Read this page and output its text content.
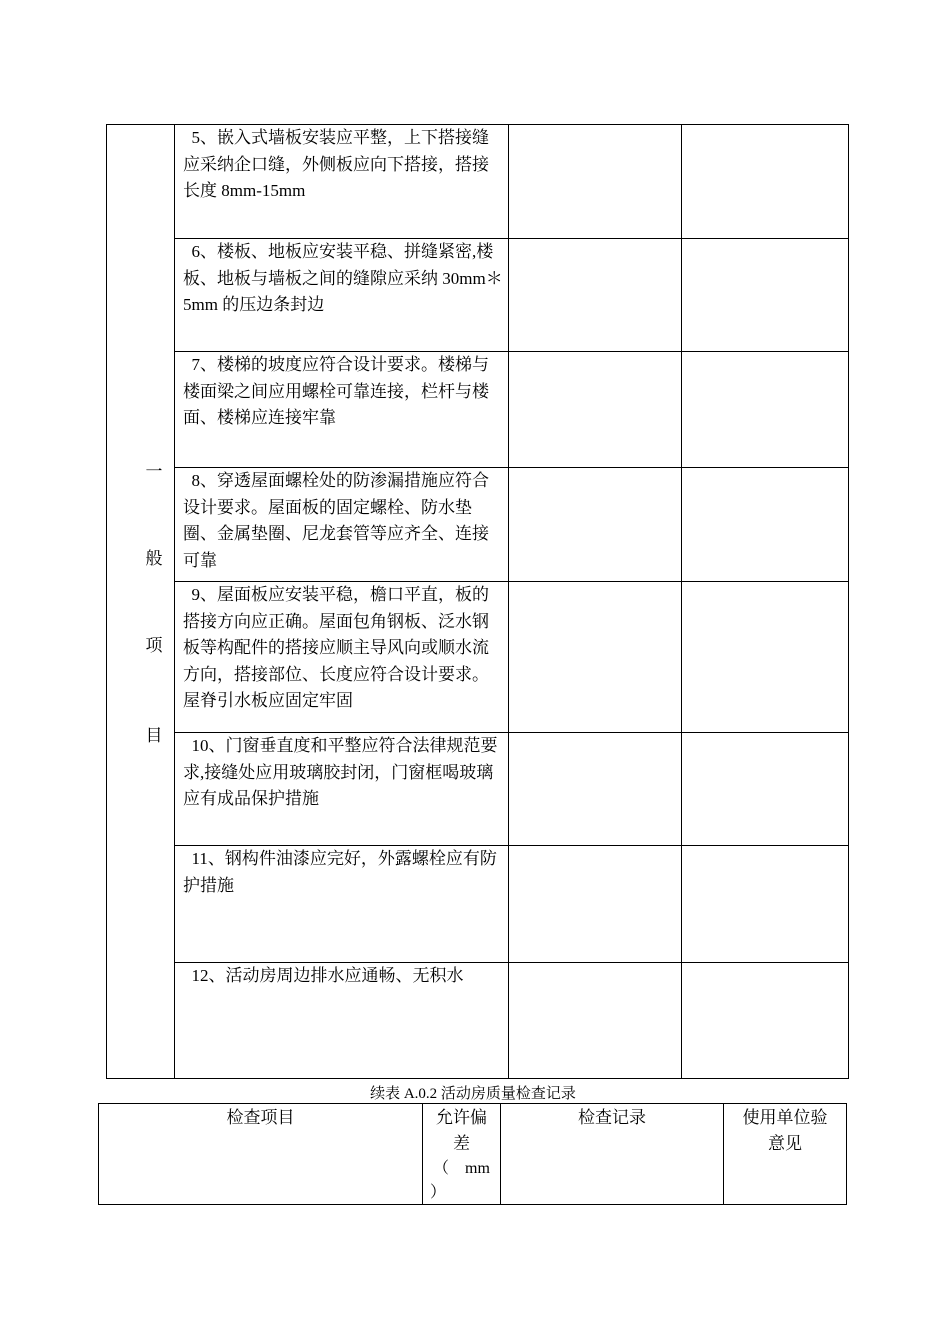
一
般
项
目
5、嵌入式墙板安装应平整，上下搭接缝应采纳企口缝，外侧板应向下搭接，搭接长度 8mm-15mm
6、楼板、地板应安装平稳、拼缝紧密,楼板、地板与墙板之间的缝隙应采纳 30mm＊5mm 的压边条封边
7、楼梯的坡度应符合设计要求。楼梯与楼面梁之间应用螺栓可靠连接，栏杆与楼面、楼梯应连接牢靠
8、穿透屋面螺栓处的防渗漏措施应符合设计要求。屋面板的固定螺栓、防水垫圈、金属垫圈、尼龙套管等应齐全、连接可靠
9、屋面板应安装平稳，檐口平直，板的搭接方向应正确。屋面包角钢板、泛水钢板等构配件的搭接应顺主导风向或顺水流方向，搭接部位、长度应符合设计要求。屋脊引水板应固定牢固
10、门窗垂直度和平整应符合法律规范要求,接缝处应用玻璃胶封闭，门窗框喝玻璃应有成品保护措施
11、钢构件油漆应完好，外露螺栓应有防护措施
12、活动房周边排水应通畅、无积水
续表 A.0.2 活动房质量检查记录
检查项目	允许偏
差
（　mm
）
检查记录	使用单位验
意见
